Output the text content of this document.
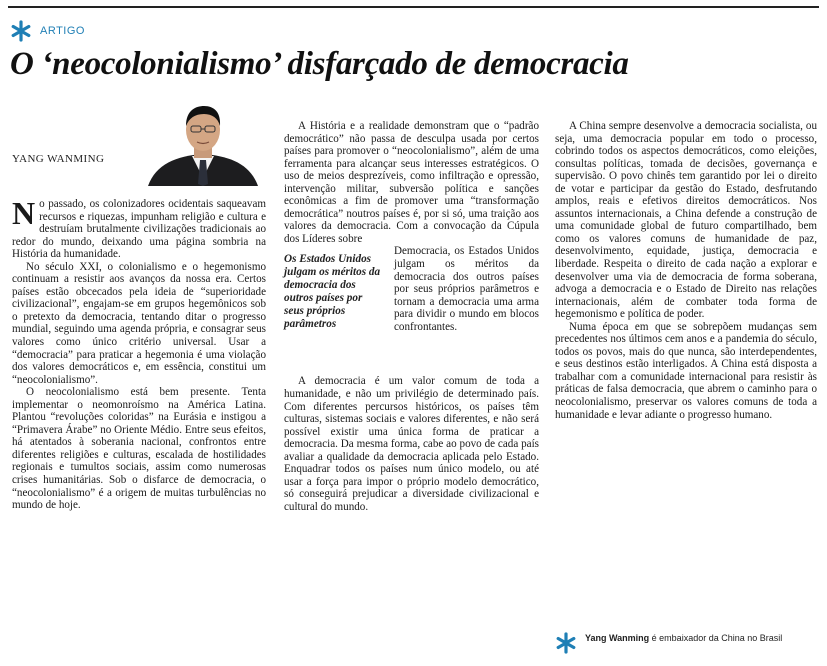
ARTIGO
O ‘neocolonialismo’ disfarçado de democracia
YANG WANMING

No passado, os colonizadores ocidentais saqueavam recursos e riquezas, impunham religião e cultura e destruíam brutalmente civilizações tradicionais ao redor do mundo, deixando uma página sombria na História da humanidade.

No século XXI, o colonialismo e o hegemonismo continuam a resistir aos avanços da nossa era. Certos países estão obcecados pela ideia de “superioridade civilizacional”, engajam-se em grupos hegemônicos sob o pretexto da democracia, tentando ditar o progresso mundial, seguindo uma agenda própria, e consagrar seus valores como único critério universal. Usar a “democracia” para praticar a hegemonia é uma violação dos valores democráticos e, em essência, constitui um “neocolonialismo”.

O neocolonialismo está bem presente. Tenta implementar o neomonroísmo na América Latina. Plantou “revoluções coloridas” na Eurásia e instigou a “Primavera Árabe” no Oriente Médio. Entre seus efeitos, há atentados à soberania nacional, confrontos entre diferentes religiões e culturas, escalada de hostilidades regionais e tumultos sociais, assim como numerosas crises humanitárias. Sob o disfarce de democracia, o “neocolonialismo” é a origem de muitas turbulências no mundo de hoje.

A História e a realidade demonstram que o “padrão democrático” não passa de desculpa usada por certos países para promover o “neocolonialismo”, além de uma ferramenta para alcançar seus interesses estratégicos. O uso de meios desprezíveis, como infiltração e opressão, intervenção militar, subversão política e sanções econômicas a fim de promover uma “transformação democrática” noutros países é, por si só, uma traição aos valores da democracia. Com a convocação da Cúpula dos Líderes sobre

Os Estados Unidos julgam os méritos da democracia dos outros países por seus próprios parâmetros

Democracia, os Estados Unidos julgam os méritos da democracia dos outros países por seus próprios parâmetros e tornam a democracia uma arma para dividir o mundo em blocos confrontantes.

A democracia é um valor comum de toda a humanidade, e não um privilégio de determinado país. Com diferentes percursos históricos, os países têm culturas, sistemas sociais e valores diferentes, e não será possível existir uma única forma de praticar a democracia. Da mesma forma, cabe ao povo de cada país avaliar a qualidade da democracia aplicada pelo Estado. Enquadrar todos os países num único modelo, ou até usar a força para impor o próprio modelo democrático, só conseguirá prejudicar a diversidade civilizacional e cultural do mundo.

A China sempre desenvolve a democracia socialista, ou seja, uma democracia popular em todo o processo, cobrindo todos os aspectos democráticos, como eleições, consultas políticas, tomada de decisões, governança e supervisão. O povo chinês tem garantido por lei o direito de votar e participar da gestão do Estado, desfrutando amplos, reais e efetivos direitos democráticos. Nos assuntos internacionais, a China defende a construção de uma comunidade global de futuro compartilhado, bem como os valores comuns de humanidade de paz, desenvolvimento, equidade, justiça, democracia e liberdade. Respeita o direito de cada nação a explorar e desenvolver uma via de democracia de forma soberana, advoga a democracia e o Estado de Direito nas relações internacionais, além de combater toda forma de hegemonismo e política de poder.

Numa época em que se sobrepõem mudanças sem precedentes nos últimos cem anos e a pandemia do século, todos os povos, mais do que nunca, são interdependentes, e seus destinos estão interligados. A China está disposta a trabalhar com a comunidade internacional para resistir às práticas de falsa democracia, que abrem o caminho para o neocolonialismo, preservar os valores comuns de toda a humanidade e levar adiante o progresso humano.

Yang Wanming é embaixador da China no Brasil
